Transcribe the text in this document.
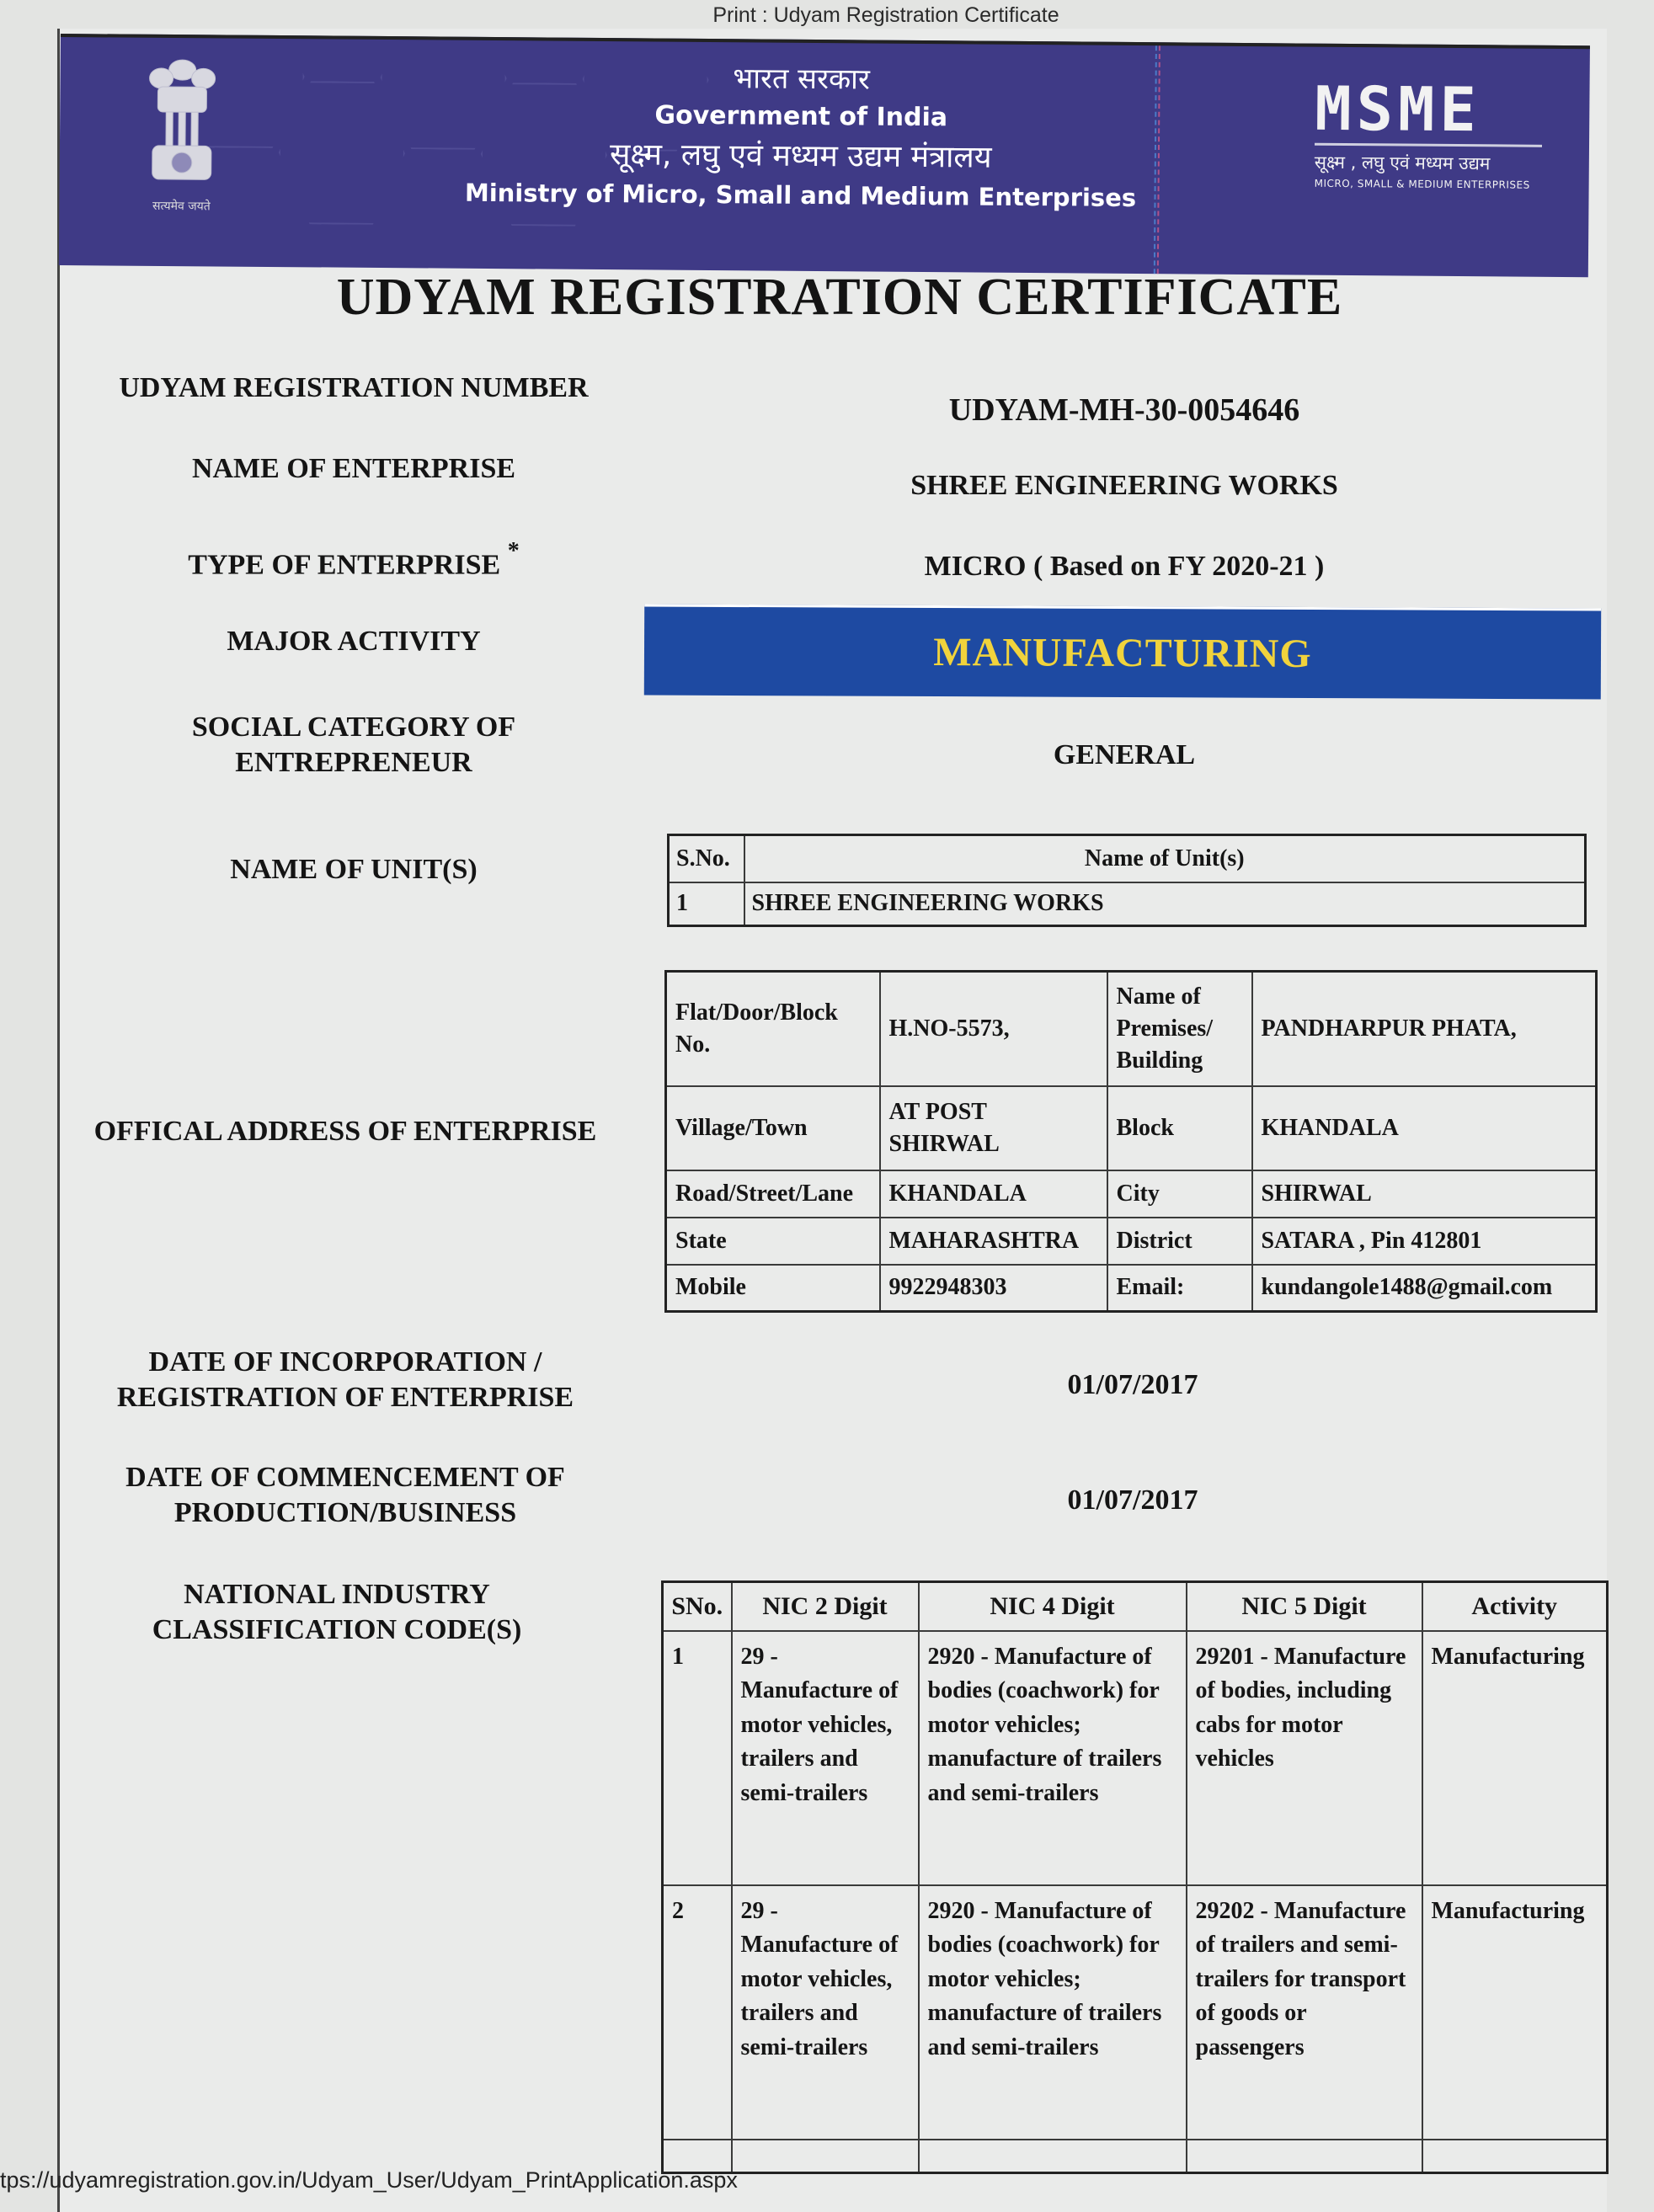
Print : Udyam Registration Certificate
सत्यमेव जयते
भारत सरकार
Government of India
सूक्ष्म, लघु एवं मध्यम उद्यम मंत्रालय
Ministry of Micro, Small and Medium Enterprises
MSME
सूक्ष्म , लघु एवं मध्यम उद्यम
MICRO, SMALL & MEDIUM ENTERPRISES
UDYAM REGISTRATION CERTIFICATE
UDYAM REGISTRATION NUMBER
UDYAM-MH-30-0054646
NAME OF ENTERPRISE
SHREE ENGINEERING WORKS
TYPE OF ENTERPRISE *	MICRO ( Based on FY 2020-21 )
MAJOR ACTIVITY	MANUFACTURING
SOCIAL CATEGORY OF
ENTREPRENEUR	GENERAL
NAME OF UNIT(S)	S.No.	Name of Unit(s)
1	SHREE ENGINEERING WORKS
OFFICAL ADDRESS OF ENTERPRISE
Flat/Door/Block No.	H.NO-5573,	Name of Premises/ Building	PANDHARPUR PHATA,
Village/Town	AT POST SHIRWAL	Block	KHANDALA
Road/Street/Lane	KHANDALA	City	SHIRWAL
State	MAHARASHTRA	District	SATARA , Pin 412801
Mobile	9922948303	Email:	kundangole1488@gmail.com
DATE OF INCORPORATION /
REGISTRATION OF ENTERPRISE	01/07/2017
DATE OF COMMENCEMENT OF
PRODUCTION/BUSINESS	01/07/2017
NATIONAL INDUSTRY
CLASSIFICATION CODE(S)
SNo.	NIC 2 Digit	NIC 4 Digit	NIC 5 Digit	Activity
1	29 - Manufacture of motor vehicles, trailers and semi-trailers	2920 - Manufacture of bodies (coachwork) for motor vehicles; manufacture of trailers and semi-trailers	29201 - Manufacture of bodies, including cabs for motor vehicles	Manufacturing
2	29 - Manufacture of motor vehicles, trailers and semi-trailers	2920 - Manufacture of bodies (coachwork) for motor vehicles; manufacture of trailers and semi-trailers	29202 - Manufacture of trailers and semi-trailers for transport of goods or passengers	Manufacturing

tps://udyamregistration.gov.in/Udyam_User/Udyam_PrintApplication.aspx
